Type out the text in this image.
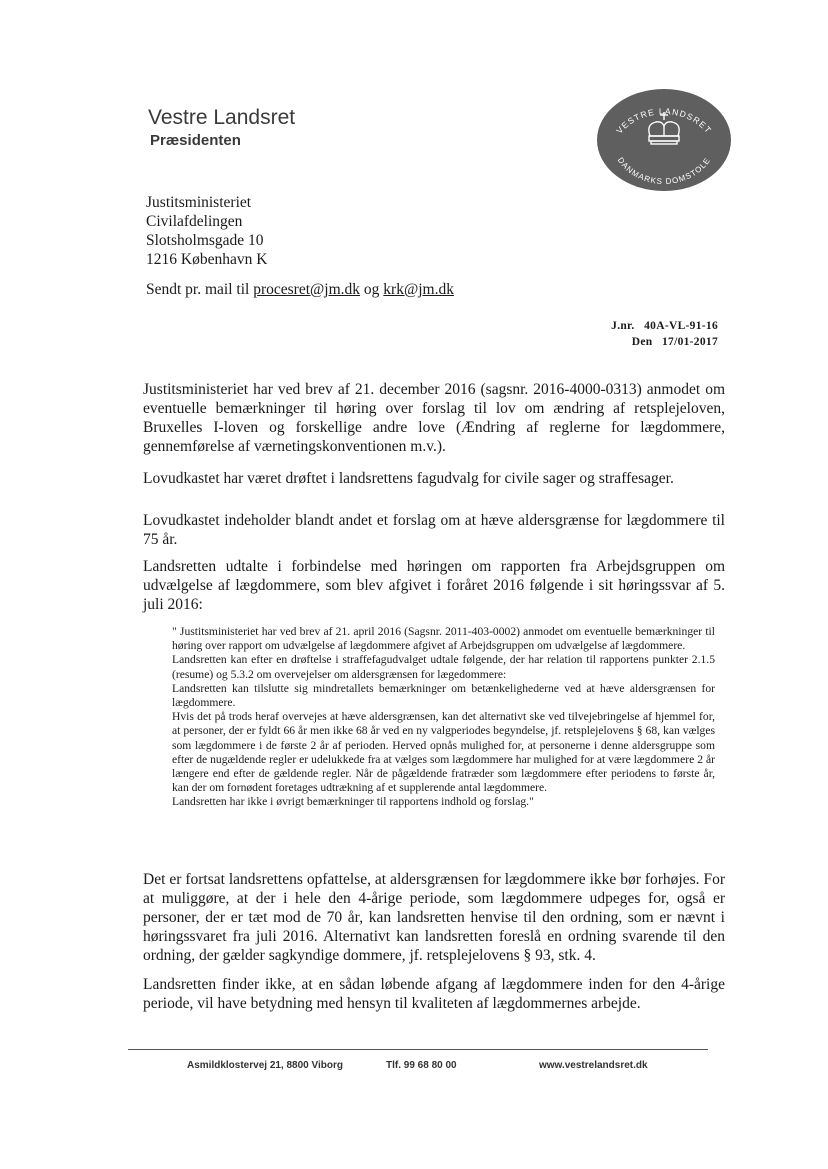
Vestre Landsret
Præsidenten
VESTRE LANDSRET
DANMARKS DOMSTOLE
Justitsministeriet
Civilafdelingen
Slotsholmsgade 10
1216 København K
Sendt pr. mail til procesret@jm.dk og krk@jm.dk
J.nr. 40A-VL-91-16
Den 17/01-2017
Justitsministeriet har ved brev af 21. december 2016 (sagsnr. 2016-4000-0313) anmodet om eventuelle bemærkninger til høring over forslag til lov om ændring af retsplejeloven, Bruxelles I-loven og forskellige andre love (Ændring af reglerne for lægdommere, gennemførelse af værnetingskonventionen m.v.).
Lovudkastet har været drøftet i landsrettens fagudvalg for civile sager og straffesager.
Lovudkastet indeholder blandt andet et forslag om at hæve aldersgrænse for lægdommere til 75 år.
Landsretten udtalte i forbindelse med høringen om rapporten fra Arbejdsgruppen om udvælgelse af lægdommere, som blev afgivet i foråret 2016 følgende i sit høringssvar af 5. juli 2016:

" Justitsministeriet har ved brev af 21. april 2016 (Sagsnr. 2011-403-0002) anmodet om eventuelle bemærkninger til høring over rapport om udvælgelse af lægdommere afgivet af Arbejdsgruppen om udvælgelse af lægdommere.

Landsretten kan efter en drøftelse i straffefagudvalget udtale følgende, der har relation til rapportens punkter 2.1.5 (resume) og 5.3.2 om overvejelser om aldersgrænsen for lægedommere:

Landsretten kan tilslutte sig mindretallets bemærkninger om betænkelighederne ved at hæve aldersgrænsen for lægdommere.

Hvis det på trods heraf overvejes at hæve aldersgrænsen, kan det alternativt ske ved tilvejebringelse af hjemmel for, at personer, der er fyldt 66 år men ikke 68 år ved en ny valgperiodes begyndelse, jf. retsplejelovens § 68, kan vælges som lægdommere i de første 2 år af perioden. Herved opnås mulighed for, at personerne i denne aldersgruppe som efter de nugældende regler er udelukkede fra at vælges som lægdommere har mulighed for at være lægdommere 2 år længere end efter de gældende regler. Når de pågældende fratræder som lægdommere efter periodens to første år, kan der om fornødent foretages udtrækning af et supplerende antal lægdommere.

Landsretten har ikke i øvrigt bemærkninger til rapportens indhold og forslag."

Det er fortsat landsrettens opfattelse, at aldersgrænsen for lægdommere ikke bør forhøjes. For at muliggøre, at der i hele den 4-årige periode, som lægdommere udpeges for, også er personer, der er tæt mod de 70 år, kan landsretten henvise til den ordning, som er nævnt i høringssvaret fra juli 2016. Alternativt kan landsretten foreslå en ordning svarende til den ordning, der gælder sagkyndige dommere, jf. retsplejelovens § 93, stk. 4.
Landsretten finder ikke, at en sådan løbende afgang af lægdommere inden for den 4-årige periode, vil have betydning med hensyn til kvaliteten af lægdommernes arbejde.
Asmildklostervej 21, 8800 Viborg	Tlf. 99 68 80 00	www.vestrelandsret.dk
